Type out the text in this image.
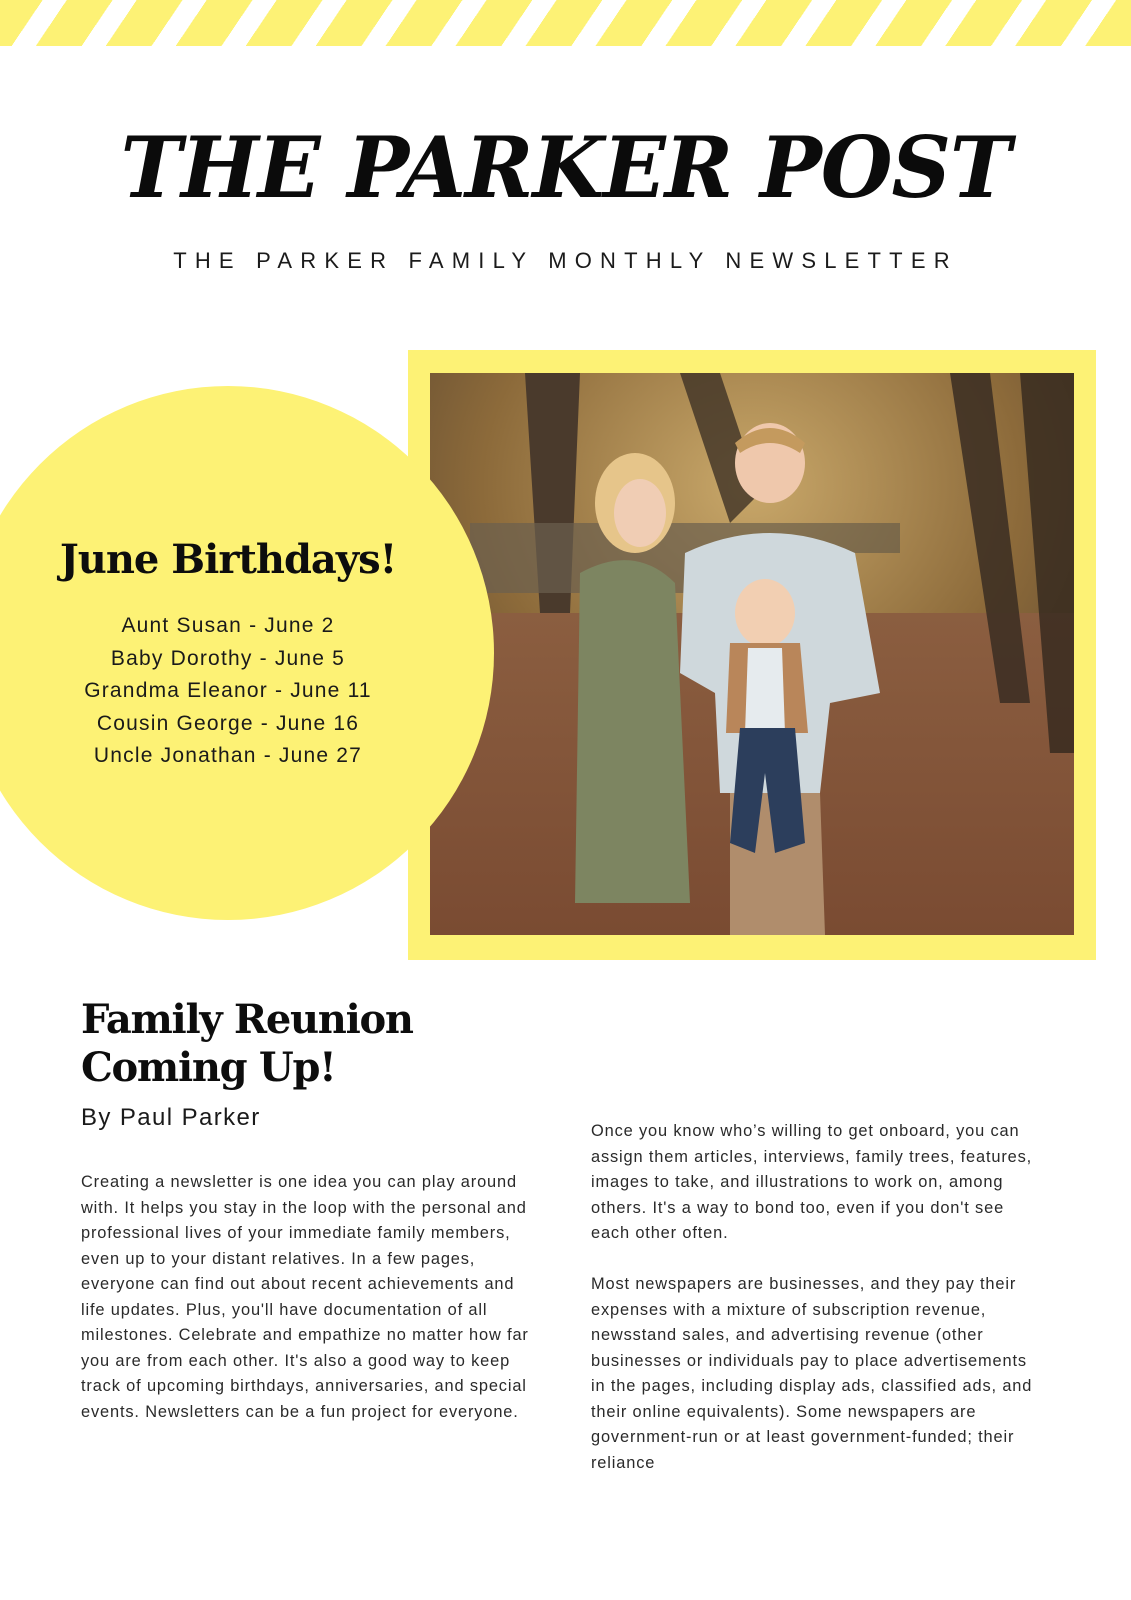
THE PARKER POST
THE PARKER FAMILY MONTHLY NEWSLETTER
June Birthdays!
Aunt Susan - June 2
Baby Dorothy - June 5
Grandma Eleanor - June 11
Cousin George - June 16
Uncle Jonathan - June 27
Family Reunion
Coming Up!
By Paul Parker

Creating a newsletter is one idea you can play around with. It helps you stay in the loop with the personal and professional lives of your immediate family members, even up to your distant relatives. In a few pages, everyone can find out about recent achievements and life updates. Plus, you'll have documentation of all milestones. Celebrate and empathize no matter how far you are from each other. It's also a good way to keep track of upcoming birthdays, anniversaries, and special events. Newsletters can be a fun project for everyone.

Once you know who’s willing to get onboard, you can assign them articles, interviews, family trees, features, images to take, and illustrations to work on, among others. It's a way to bond too, even if you don't see each other often.

Most newspapers are businesses, and they pay their expenses with a mixture of subscription revenue, newsstand sales, and advertising revenue (other businesses or individuals pay to place advertisements in the pages, including display ads, classified ads, and their online equivalents). Some newspapers are government-run or at least government-funded; their reliance
